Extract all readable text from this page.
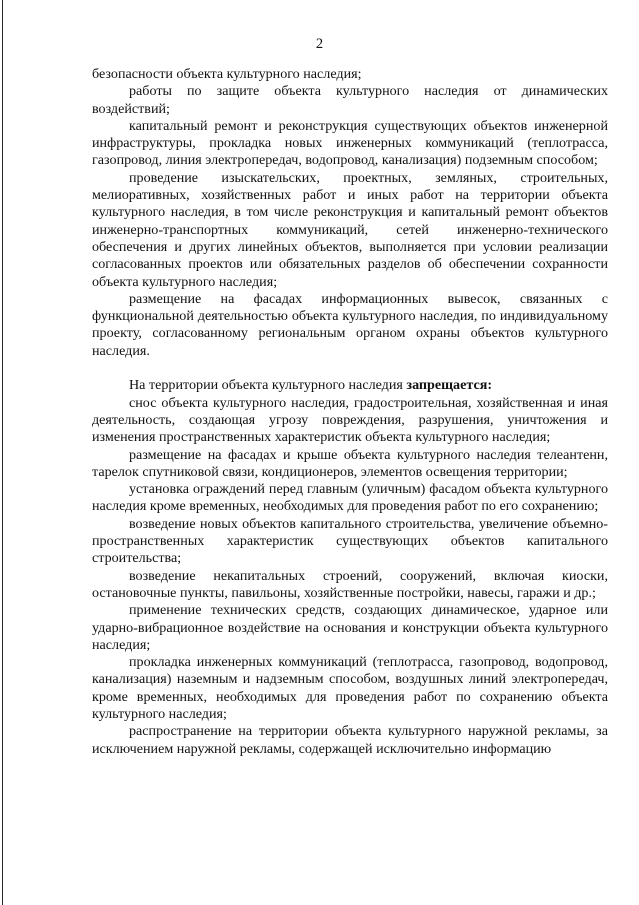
2

безопасности объекта культурного наследия;

работы по защите объекта культурного наследия от динамических воздействий;

капитальный ремонт и реконструкция существующих объектов инженерной инфраструктуры, прокладка новых инженерных коммуникаций (теплотрасса, газопровод, линия электропередач, водопровод, канализация) подземным способом;

проведение изыскательских, проектных, земляных, строительных, мелиоративных, хозяйственных работ и иных работ на территории объекта культурного наследия, в том числе реконструкция и капитальный ремонт объектов инженерно-транспортных коммуникаций, сетей инженерно-технического обеспечения и других линейных объектов, выполняется при условии реализации согласованных проектов или обязательных разделов об обеспечении сохранности объекта культурного наследия;

размещение на фасадах информационных вывесок, связанных с функциональной деятельностью объекта культурного наследия, по индивидуальному проекту, согласованному региональным органом охраны объектов культурного наследия.

На территории объекта культурного наследия запрещается:

снос объекта культурного наследия, градостроительная, хозяйственная и иная деятельность, создающая угрозу повреждения, разрушения, уничтожения и изменения пространственных характеристик объекта культурного наследия;

размещение на фасадах и крыше объекта культурного наследия телеантенн, тарелок спутниковой связи, кондиционеров, элементов освещения территории;

установка ограждений перед главным (уличным) фасадом объекта культурного наследия кроме временных, необходимых для проведения работ по его сохранению;

возведение новых объектов капитального строительства, увеличение объемно-пространственных характеристик существующих объектов капитального строительства;

возведение некапитальных строений, сооружений, включая киоски, остановочные пункты, павильоны, хозяйственные постройки, навесы, гаражи и др.;

применение технических средств, создающих динамическое, ударное или ударно-вибрационное воздействие на основания и конструкции объекта культурного наследия;

прокладка инженерных коммуникаций (теплотрасса, газопровод, водопровод, канализация) наземным и надземным способом, воздушных линий электропередач, кроме временных, необходимых для проведения работ по сохранению объекта культурного наследия;

распространение на территории объекта культурного наружной рекламы, за исключением наружной рекламы, содержащей исключительно информацию
